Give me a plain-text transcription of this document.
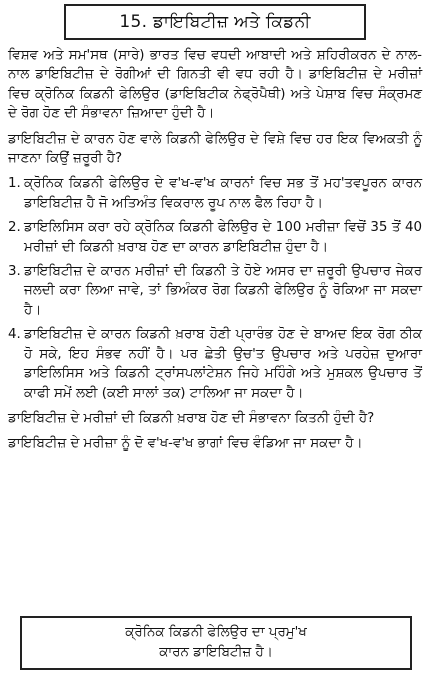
15. ਡਾਇਬਿਟੀਜ਼ ਅਤੇ ਕਿਡਨੀ

ਵਿਸ਼ਵ ਅਤੇ ਸਮ'ਸਥ (ਸਾਰੇ) ਭਾਰਤ ਵਿਚ ਵਧਦੀ ਆਬਾਦੀ ਅਤੇ ਸ਼ਹਿਰੀਕਰਨ ਦੇ ਨਾਲ-ਨਾਲ ਡਾਇਬਿਟੀਜ਼ ਦੇ ਰੋਗੀਆਂ ਦੀ ਗਿਨਤੀ ਵੀ ਵਧ ਰਹੀ ਹੈ। ਡਾਇਬਿਟੀਜ਼ ਦੇ ਮਰੀਜ਼ਾਂ ਵਿਚ ਕ੍ਰੋਨਿਕ ਕਿਡਨੀ ਫੇਲਿਉਰ (ਡਾਇਬਿਟੀਕ ਨੇਫ੍ਰੋਪੈਥੀ) ਅਤੇ ਪੇਸ਼ਾਬ ਵਿਚ ਸੰਕ੍ਰਮਣ ਦੇ ਰੋਗ ਹੋਣ ਦੀ ਸੰਭਾਵਨਾ ਜ਼ਿਆਦਾ ਹੁੰਦੀ ਹੈ।

ਡਾਇਬਿਟੀਜ਼ ਦੇ ਕਾਰਨ ਹੋਣ ਵਾਲੇ ਕਿਡਨੀ ਫੇਲਿਉਰ ਦੇ ਵਿਸ਼ੇ ਵਿਚ ਹਰ ਇਕ ਵਿਅਕਤੀ ਨੂੰ ਜਾਣਨਾ ਕਿਉਂ ਜ਼ਰੂਰੀ ਹੈ?

1. ਕ੍ਰੋਨਿਕ ਕਿਡਨੀ ਫੇਲਿਉਰ ਦੇ ਵ'ਖ-ਵ'ਖ ਕਾਰਨਾਂ ਵਿਚ ਸਭ ਤੋਂ ਮਹ'ਤਵਪੂਰਨ ਕਾਰਨ ਡਾਇਬਿਟੀਜ਼ ਹੈ ਜੋ ਅਤਿਅੰਤ ਵਿਕਰਾਲ ਰੂਪ ਨਾਲ ਫੈਲ ਰਿਹਾ ਹੈ।
2. ਡਾਇਲਿਸਿਸ ਕਰਾ ਰਹੇ ਕ੍ਰੋਨਿਕ ਕਿਡਨੀ ਫੇਲਿਉਰ ਦੇ 100 ਮਰੀਜ਼ਾ ਵਿਚੋਂ 35 ਤੋਂ 40 ਮਰੀਜ਼ਾਂ ਦੀ ਕਿਡਨੀ ਖ਼ਰਾਬ ਹੋਣ ਦਾ ਕਾਰਨ ਡਾਇਬਿਟੀਜ਼ ਹੁੰਦਾ ਹੈ।
3. ਡਾਇਬਿਟੀਜ਼ ਦੇ ਕਾਰਨ ਮਰੀਜ਼ਾਂ ਦੀ ਕਿਡਨੀ ਤੇ ਹੋਏ ਅਸਰ ਦਾ ਜ਼ਰੂਰੀ ਉਪਚਾਰ ਜੇਕਰ ਜਲਦੀ ਕਰਾ ਲਿਆ ਜਾਵੇ, ਤਾਂ ਭਿਅੰਕਰ ਰੋਗ ਕਿਡਨੀ ਫੇਲਿਉਰ ਨੂੰ ਰੋਕਿਆ ਜਾ ਸਕਦਾ ਹੈ।
4. ਡਾਇਬਿਟੀਜ਼ ਦੇ ਕਾਰਨ ਕਿਡਨੀ ਖ਼ਰਾਬ ਹੋਣੀ ਪ੍ਰਾਰੰਭ ਹੋਣ ਦੇ ਬਾਅਦ ਇਕ ਰੋਗ ਠੀਕ ਹੋ ਸਕੇ, ਇਹ ਸੰਭਵ ਨਹੀਂ ਹੈ। ਪਰ ਛੇਤੀ ਉਚ'ਤ ਉਪਚਾਰ ਅਤੇ ਪਰਹੇਜ਼ ਦੁਆਰਾ ਡਾਇਲਿਸਿਸ ਅਤੇ ਕਿਡਨੀ ਟ੍ਰਾਂਸਪਲਾਂਟੇਸ਼ਨ ਜਿਹੇ ਮਹਿੰਗੇ ਅਤੇ ਮੁਸ਼ਕਲ ਉਪਚਾਰ ਤੋਂ ਕਾਫੀ ਸਮੇਂ ਲਈ (ਕਈ ਸਾਲਾਂ ਤਕ) ਟਾਲਿਆ ਜਾ ਸਕਦਾ ਹੈ।

ਡਾਇਬਿਟੀਜ਼ ਦੇ ਮਰੀਜ਼ਾਂ ਦੀ ਕਿਡਨੀ ਖ਼ਰਾਬ ਹੋਣ ਦੀ ਸੰਭਾਵਨਾ ਕਿਤਨੀ ਹੁੰਦੀ ਹੈ?

ਡਾਇਬਿਟੀਜ਼ ਦੇ ਮਰੀਜ਼ਾ ਨੂੰ ਦੋ ਵ'ਖ-ਵ'ਖ ਭਾਗਾਂ ਵਿਚ ਵੰਡਿਆ ਜਾ ਸਕਦਾ ਹੈ।

ਕ੍ਰੋਨਿਕ ਕਿਡਨੀ ਫੇਲਿਉਰ ਦਾ ਪ੍ਰਮੁ'ਖ
ਕਾਰਨ ਡਾਇਬਿਟੀਜ਼ ਹੈ।
